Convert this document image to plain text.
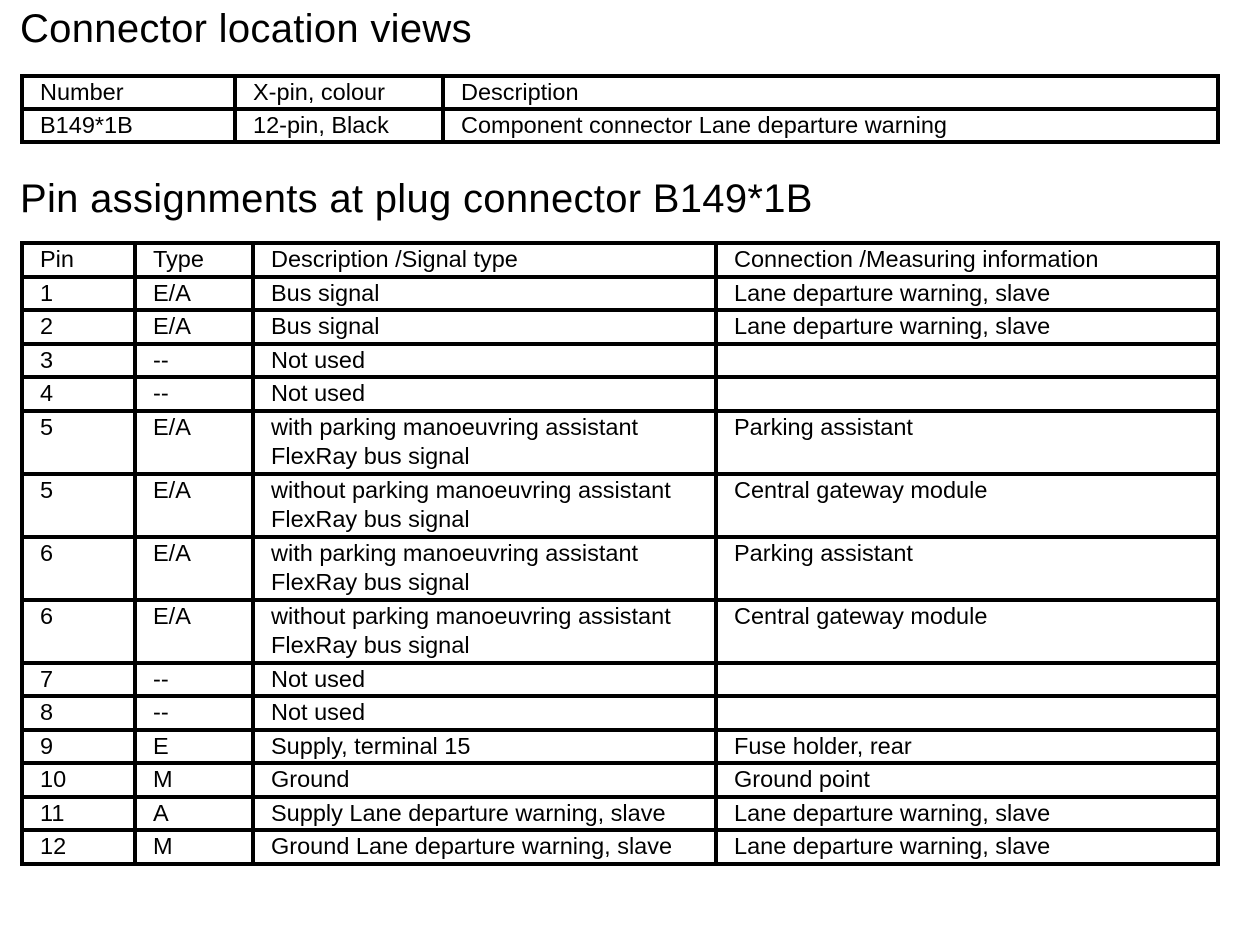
Connector location views
Number	X-pin, colour	Description
B149*1B	12-pin, Black	Component connector Lane departure warning
Pin assignments at plug connector B149*1B
Pin	Type	Description /Signal type	Connection /Measuring information
1	E/A	Bus signal	Lane departure warning, slave
2	E/A	Bus signal	Lane departure warning, slave
3	--	Not used	
4	--	Not used	
5	E/A	with parking manoeuvring assistant FlexRay bus signal	Parking assistant
5	E/A	without parking manoeuvring assistant FlexRay bus signal	Central gateway module
6	E/A	with parking manoeuvring assistant FlexRay bus signal	Parking assistant
6	E/A	without parking manoeuvring assistant FlexRay bus signal	Central gateway module
7	--	Not used	
8	--	Not used	
9	E	Supply, terminal 15	Fuse holder, rear
10	M	Ground	Ground point
11	A	Supply Lane departure warning, slave	Lane departure warning, slave
12	M	Ground Lane departure warning, slave	Lane departure warning, slave
